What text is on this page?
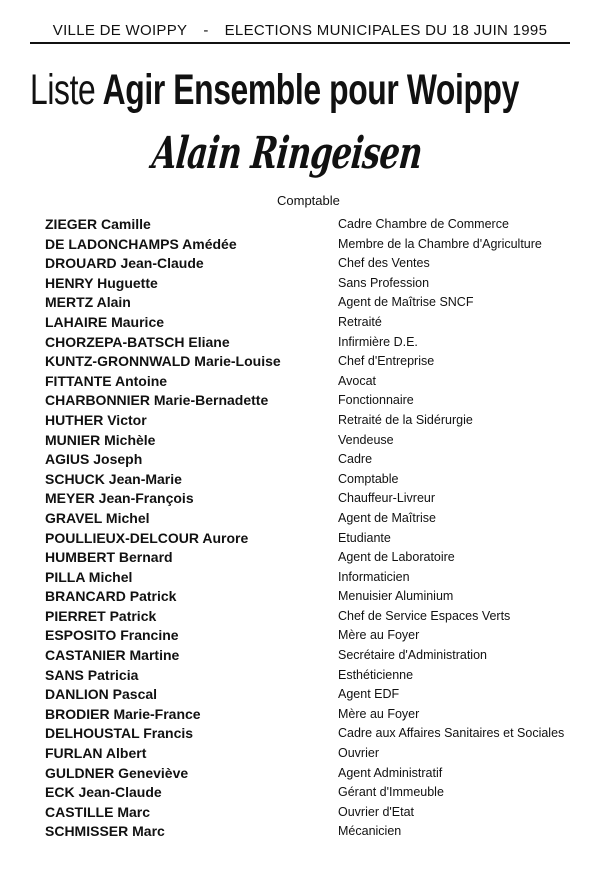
VILLE DE WOIPPY - ELECTIONS MUNICIPALES DU 18 JUIN 1995
Liste Agir Ensemble pour Woippy
Alain Ringeisen
Comptable
ZIEGER Camille	Cadre Chambre de Commerce
DE LADONCHAMPS Amédée	Membre de la Chambre d'Agriculture
DROUARD Jean-Claude	Chef des Ventes
HENRY Huguette	Sans Profession
MERTZ Alain	Agent de Maîtrise SNCF
LAHAIRE Maurice	Retraité
CHORZEPA-BATSCH Eliane	Infirmière D.E.
KUNTZ-GRONNWALD Marie-Louise	Chef d'Entreprise
FITTANTE Antoine	Avocat
CHARBONNIER Marie-Bernadette	Fonctionnaire
HUTHER Victor	Retraité de la Sidérurgie
MUNIER Michèle	Vendeuse
AGIUS Joseph	Cadre
SCHUCK Jean-Marie	Comptable
MEYER Jean-François	Chauffeur-Livreur
GRAVEL Michel	Agent de Maîtrise
POULLIEUX-DELCOUR Aurore	Etudiante
HUMBERT Bernard	Agent de Laboratoire
PILLA Michel	Informaticien
BRANCARD Patrick	Menuisier Aluminium
PIERRET Patrick	Chef de Service Espaces Verts
ESPOSITO Francine	Mère au Foyer
CASTANIER Martine	Secrétaire d'Administration
SANS Patricia	Esthéticienne
DANLION Pascal	Agent EDF
BRODIER Marie-France	Mère au Foyer
DELHOUSTAL Francis	Cadre aux Affaires Sanitaires et Sociales
FURLAN Albert	Ouvrier
GULDNER Geneviève	Agent Administratif
ECK Jean-Claude	Gérant d'Immeuble
CASTILLE Marc	Ouvrier d'Etat
SCHMISSER Marc	Mécanicien
